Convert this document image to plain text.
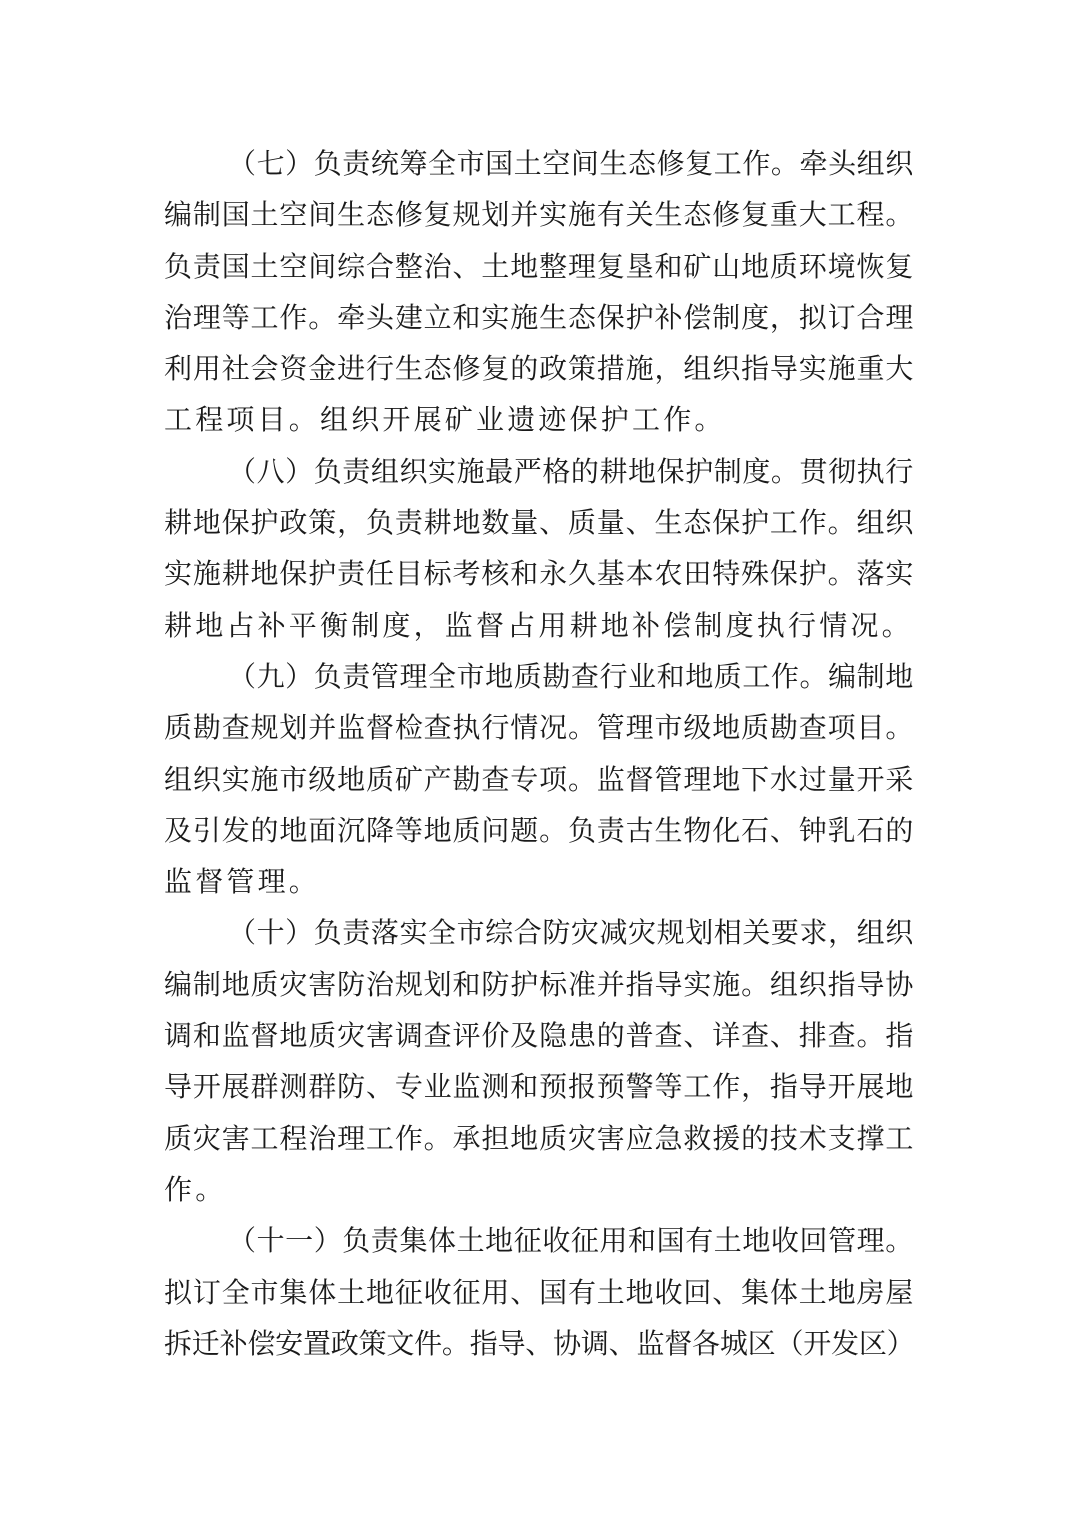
（七）负责统筹全市国土空间生态修复工作。牵头组织
编制国土空间生态修复规划并实施有关生态修复重大工程。
负责国土空间综合整治、土地整理复垦和矿山地质环境恢复
治理等工作。牵头建立和实施生态保护补偿制度，拟订合理
利用社会资金进行生态修复的政策措施，组织指导实施重大
工程项目。组织开展矿业遗迹保护工作。
（八）负责组织实施最严格的耕地保护制度。贯彻执行
耕地保护政策，负责耕地数量、质量、生态保护工作。组织
实施耕地保护责任目标考核和永久基本农田特殊保护。落实
耕地占补平衡制度，监督占用耕地补偿制度执行情况。
（九）负责管理全市地质勘查行业和地质工作。编制地
质勘查规划并监督检查执行情况。管理市级地质勘查项目。
组织实施市级地质矿产勘查专项。监督管理地下水过量开采
及引发的地面沉降等地质问题。负责古生物化石、钟乳石的
监督管理。
（十）负责落实全市综合防灾减灾规划相关要求，组织
编制地质灾害防治规划和防护标准并指导实施。组织指导协
调和监督地质灾害调查评价及隐患的普查、详查、排查。指
导开展群测群防、专业监测和预报预警等工作，指导开展地
质灾害工程治理工作。承担地质灾害应急救援的技术支撑工
作。
（十一）负责集体土地征收征用和国有土地收回管理。
拟订全市集体土地征收征用、国有土地收回、集体土地房屋
拆迁补偿安置政策文件。指导、协调、监督各城区（开发区）
